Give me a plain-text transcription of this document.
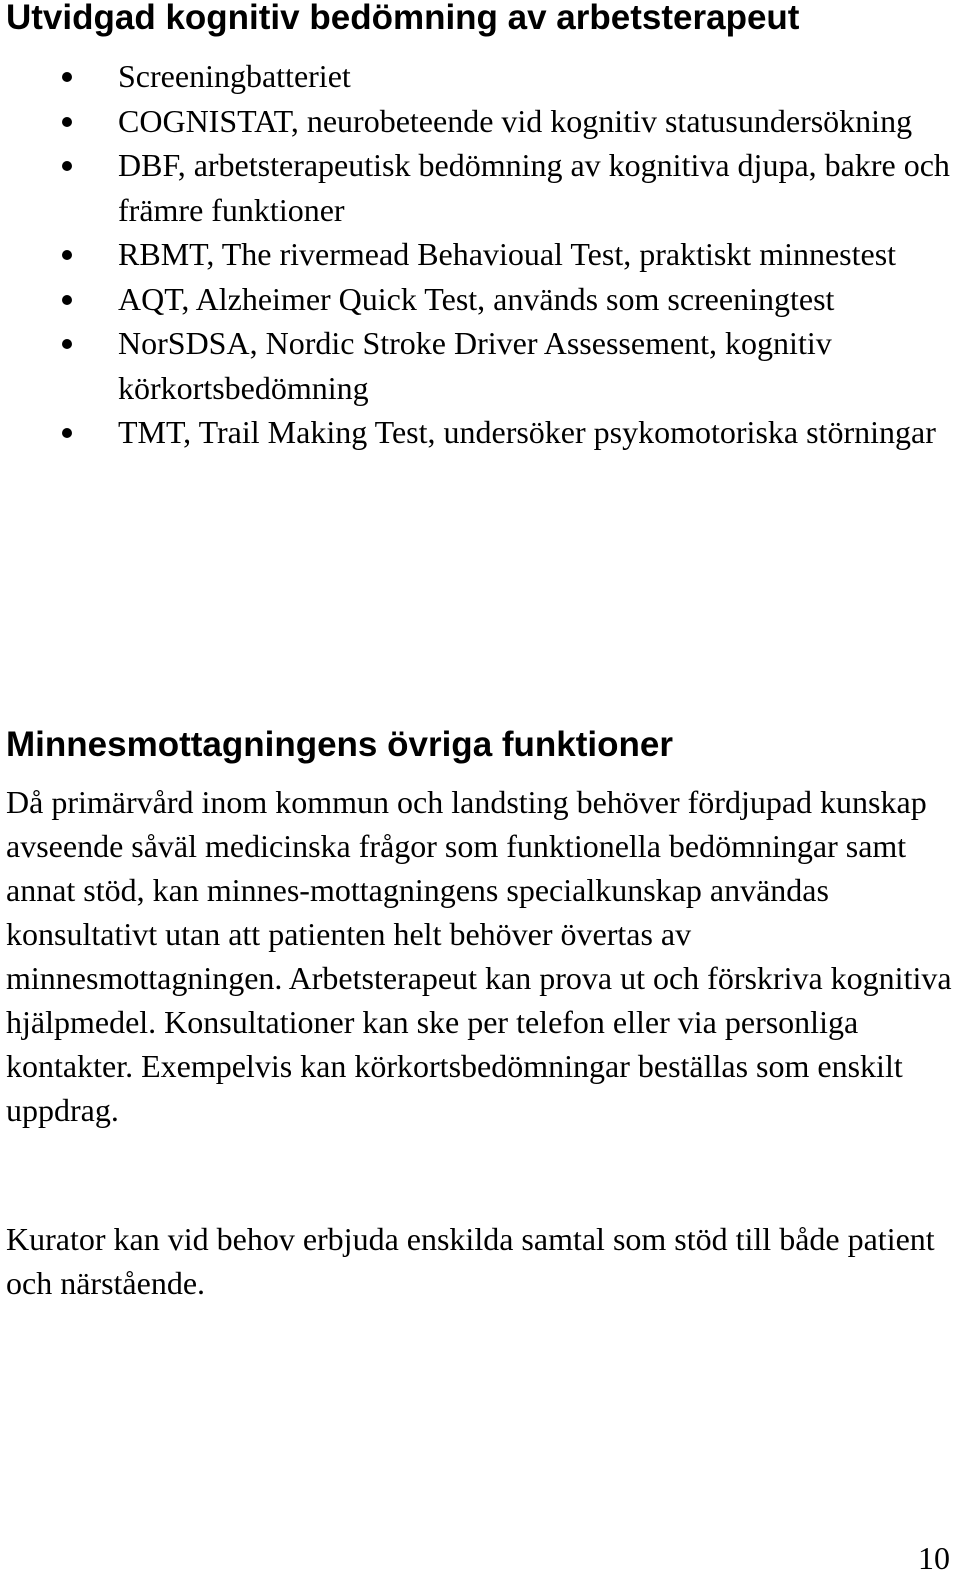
Utvidgad kognitiv bedömning av arbetsterapeut
Screeningbatteriet
COGNISTAT, neurobeteende vid kognitiv statusundersökning
DBF, arbetsterapeutisk bedömning av kognitiva djupa, bakre och främre funktioner
RBMT, The rivermead Behavioual Test, praktiskt minnestest
AQT, Alzheimer Quick Test, används som screeningtest
NorSDSA, Nordic Stroke Driver Assessement, kognitiv körkortsbedömning
TMT, Trail Making Test, undersöker psykomotoriska störningar
Minnesmottagningens övriga funktioner

Då primärvård inom kommun och landsting behöver fördjupad kunskap avseende såväl medicinska frågor som funktionella bedömningar samt annat stöd, kan minnes-mottagningens specialkunskap användas konsultativt utan att patienten helt behöver övertas av minnesmottagningen. Arbetsterapeut kan prova ut och förskriva kognitiva hjälpmedel. Konsultationer kan ske per telefon eller via personliga kontakter. Exempelvis kan körkortsbedömningar beställas som enskilt uppdrag.

Kurator kan vid behov erbjuda enskilda samtal som stöd till både patient och närstående.

10
